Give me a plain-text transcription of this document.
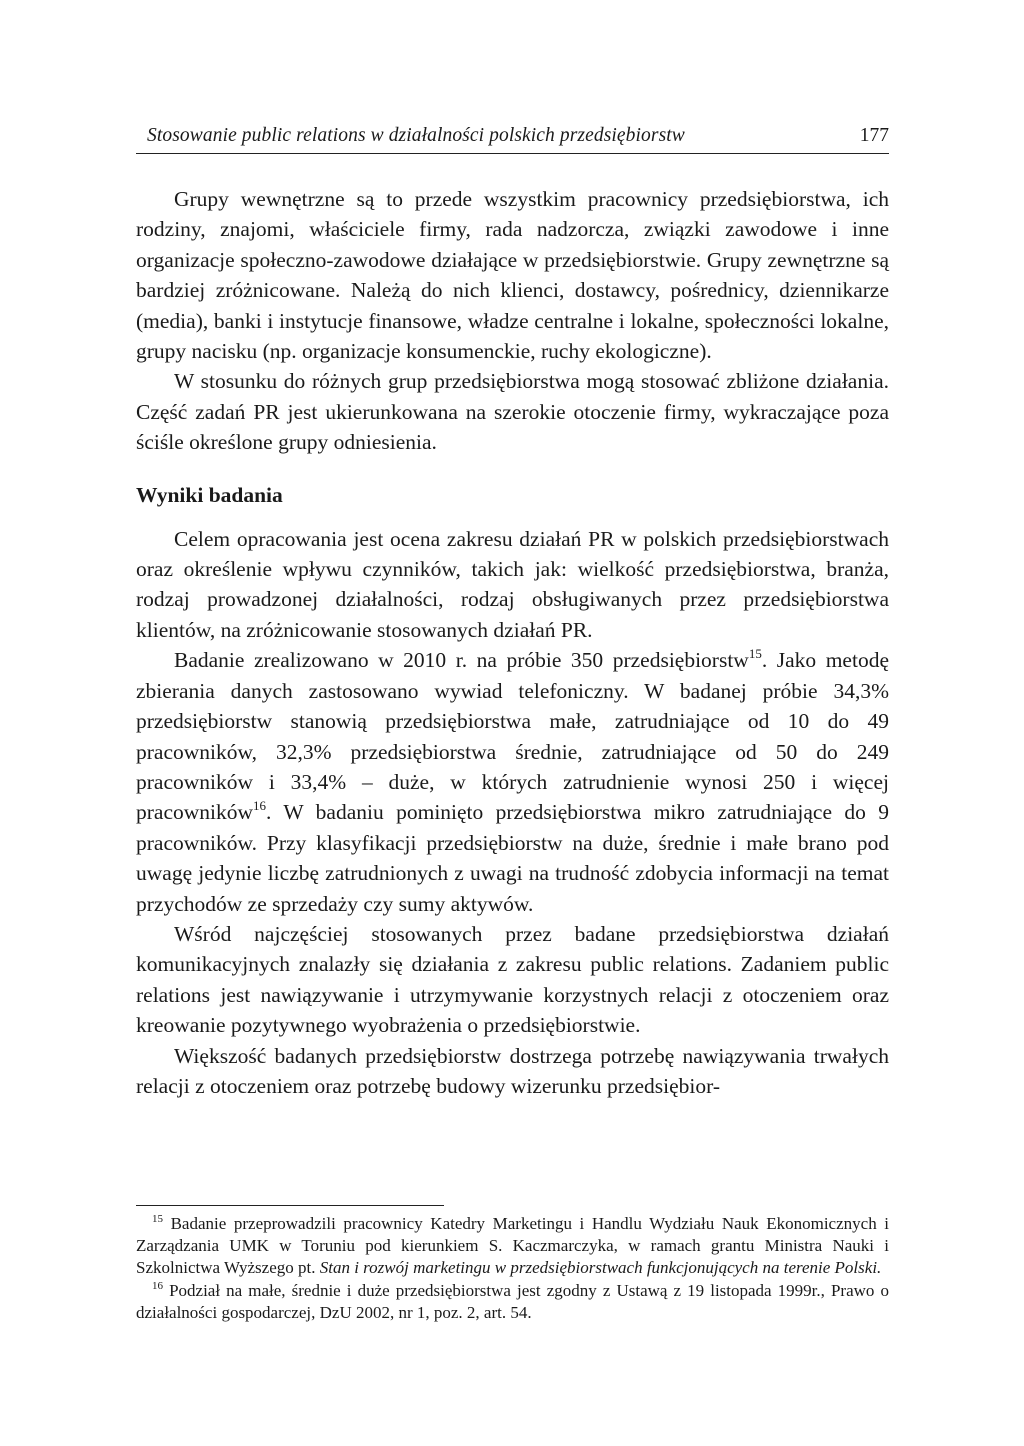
Stosowanie public relations w działalności polskich przedsiębiorstw	177

Grupy wewnętrzne są to przede wszystkim pracownicy przedsiębiorstwa, ich rodziny, znajomi, właściciele firmy, rada nadzorcza, związki zawodowe i inne organizacje społeczno-zawodowe działające w przedsiębiorstwie. Grupy zewnętrzne są bardziej zróżnicowane. Należą do nich klienci, dostawcy, pośrednicy, dziennikarze (media), banki i instytucje finansowe, władze centralne i lokalne, społeczności lokalne, grupy nacisku (np. organizacje konsumenckie, ruchy ekologiczne).

W stosunku do różnych grup przedsiębiorstwa mogą stosować zbliżone działania. Część zadań PR jest ukierunkowana na szerokie otoczenie firmy, wykraczające poza ściśle określone grupy odniesienia.

Wyniki badania

Celem opracowania jest ocena zakresu działań PR w polskich przedsiębiorstwach oraz określenie wpływu czynników, takich jak: wielkość przedsiębiorstwa, branża, rodzaj prowadzonej działalności, rodzaj obsługiwanych przez przedsiębiorstwa klientów, na zróżnicowanie stosowanych działań PR.

Badanie zrealizowano w 2010 r. na próbie 350 przedsiębiorstw$^{15}$. Jako metodę zbierania danych zastosowano wywiad telefoniczny. W badanej próbie 34,3% przedsiębiorstw stanowią przedsiębiorstwa małe, zatrudniające od 10 do 49 pracowników, 32,3% przedsiębiorstwa średnie, zatrudniające od 50 do 249 pracowników i 33,4% – duże, w których zatrudnienie wynosi 250 i więcej pracowników$^{16}$. W badaniu pominięto przedsiębiorstwa mikro zatrudniające do 9 pracowników. Przy klasyfikacji przedsiębiorstw na duże, średnie i małe brano pod uwagę jedynie liczbę zatrudnionych z uwagi na trudność zdobycia informacji na temat przychodów ze sprzedaży czy sumy aktywów.

Wśród najczęściej stosowanych przez badane przedsiębiorstwa działań komunikacyjnych znalazły się działania z zakresu public relations. Zadaniem public relations jest nawiązywanie i utrzymywanie korzystnych relacji z otoczeniem oraz kreowanie pozytywnego wyobrażenia o przedsiębiorstwie.

Większość badanych przedsiębiorstw dostrzega potrzebę nawiązywania trwałych relacji z otoczeniem oraz potrzebę budowy wizerunku przedsiębior-

$^{15}$ Badanie przeprowadzili pracownicy Katedry Marketingu i Handlu Wydziału Nauk Ekonomicznych i Zarządzania UMK w Toruniu pod kierunkiem S. Kaczmarczyka, w ramach grantu Ministra Nauki i Szkolnictwa Wyższego pt. Stan i rozwój marketingu w przedsiębiorstwach funkcjonujących na terenie Polski.

$^{16}$ Podział na małe, średnie i duże przedsiębiorstwa jest zgodny z Ustawą z 19 listopada 1999r., Prawo o działalności gospodarczej, DzU 2002, nr 1, poz. 2, art. 54.
